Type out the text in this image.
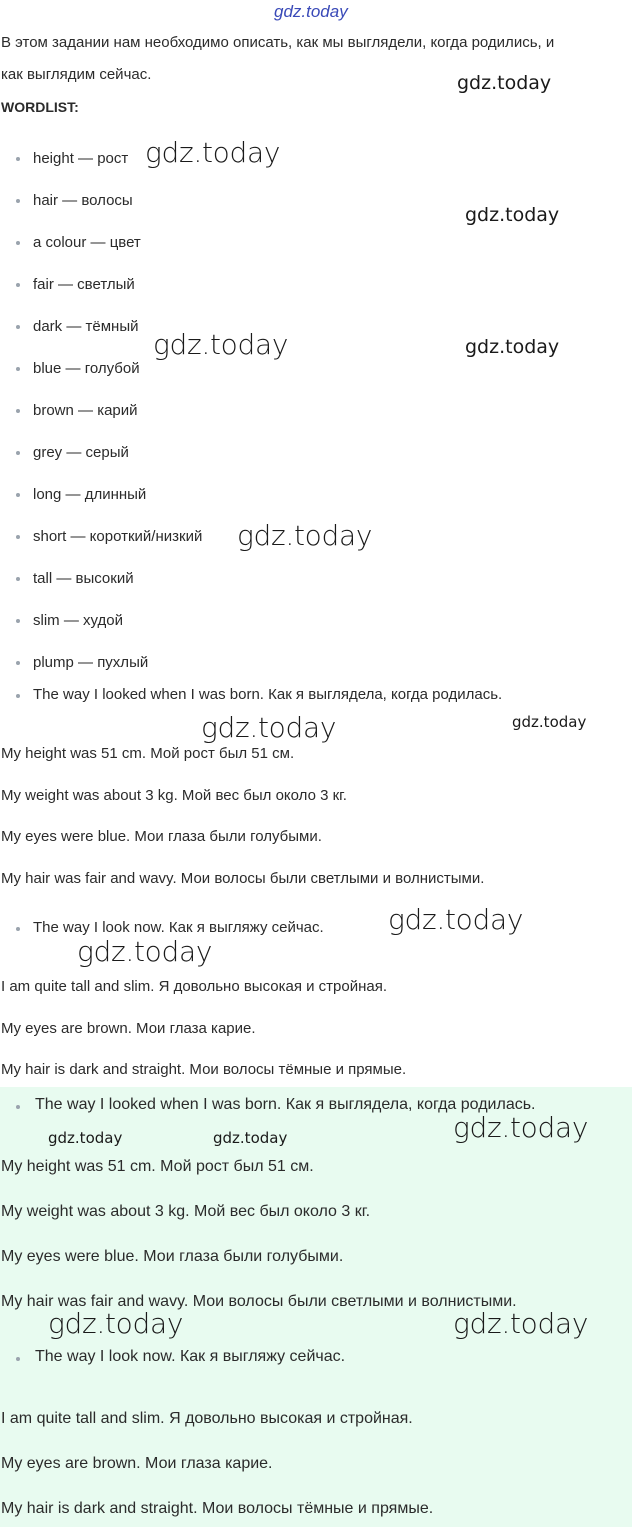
gdz.today
В этом задании нам необходимо описать, как мы выглядели, когда родились, и
как выглядим сейчас.
WORDLIST:
height — рост
hair — волосы
a colour — цвет
fair — светлый
dark — тёмный
blue — голубой
brown — карий
grey — серый
long — длинный
short — короткий/низкий
tall — высокий
slim — худой
plump — пухлый
The way I looked when I was born. Как я выглядела, когда родилась.
My height was 51 cm. Мой рост был 51 см.
My weight was about 3 kg. Мой вес был около 3 кг.
My eyes were blue. Мои глаза были голубыми.
My hair was fair and wavy. Мои волосы были светлыми и волнистыми.
The way I look now. Как я выгляжу сейчас.
I am quite tall and slim. Я довольно высокая и стройная.
My eyes are brown. Мои глаза карие.
My hair is dark and straight. Мои волосы тёмные и прямые.
The way I looked when I was born. Как я выглядела, когда родилась.
My height was 51 cm. Мой рост был 51 см.
My weight was about 3 kg. Мой вес был около 3 кг.
My eyes were blue. Мои глаза были голубыми.
My hair was fair and wavy. Мои волосы были светлыми и волнистыми.
The way I look now. Как я выгляжу сейчас.
I am quite tall and slim. Я довольно высокая и стройная.
My eyes are brown. Мои глаза карие.
My hair is dark and straight. Мои волосы тёмные и прямые.
gdz.today
gdz.today
gdz.today
gdz.today	gdz.today
gdz.today
gdz.today	gdz.today
gdz.today
gdz.today
gdz.today	gdz.today	gdz.today
gdz.today	gdz.today
